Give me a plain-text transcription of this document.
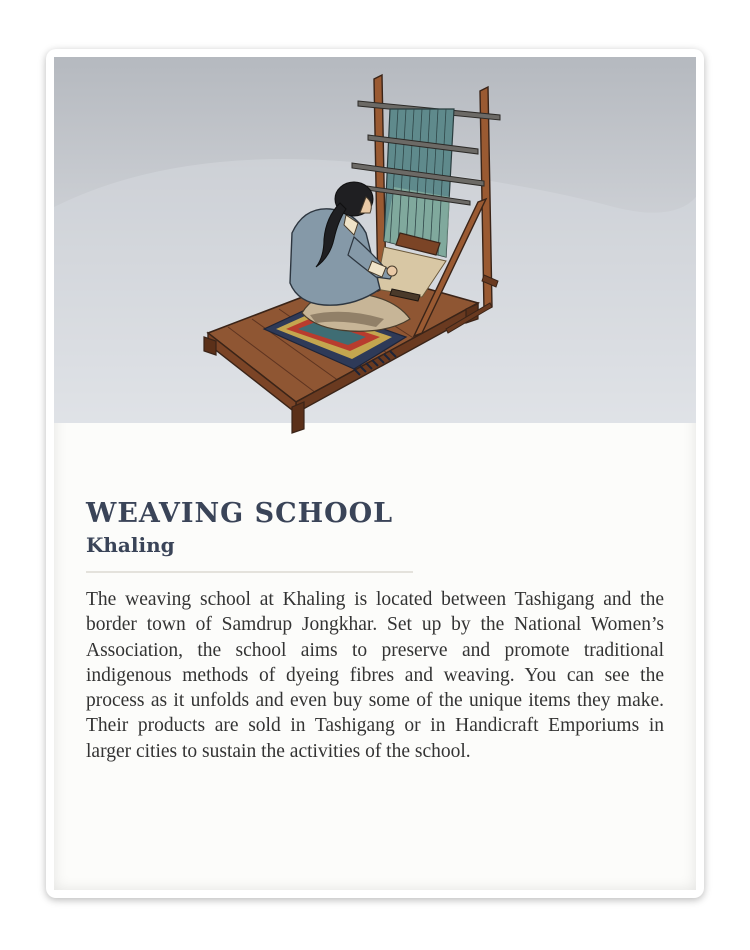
WEAVING SCHOOL
Khaling

The weaving school at Khaling is located between Tashigang and the border town of Samdrup Jongkhar. Set up by the National Women’s Association, the school aims to preserve and promote traditional indigenous methods of dyeing fibres and weaving. You can see the process as it unfolds and even buy some of the unique items they make. Their products are sold in Tashigang or in Handicraft Emporiums in larger cities to sustain the activities of the school.
